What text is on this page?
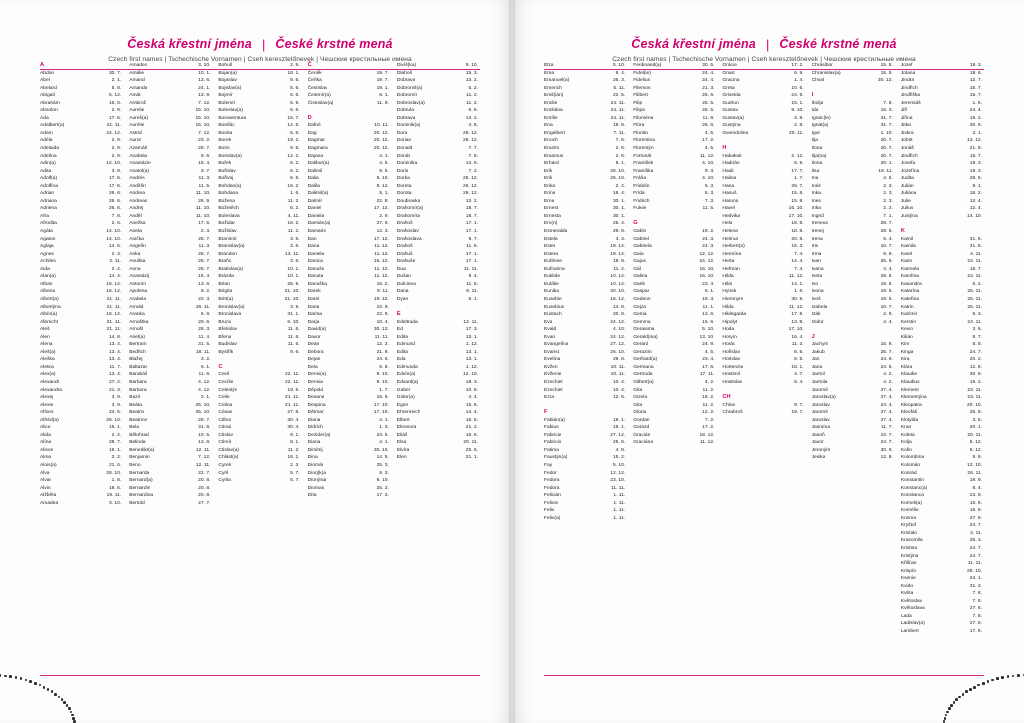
Česká křestní jména | České krstné mená
Czech first names | Tschechische Vornamen | Cseh keresztelőnevek | Чешские крестильные имена
A
Abdon	30. 7.
Ábel	2. 1.
Abelard	5. 8.
Abigail	5. 12.
Abrahám	16. 8.
Absolon	2. 9.
Áda	17. 6.
Adalbert(a)	21. 11.
Adam	24. 12.
Adéla	2. 9.
Adelaida	2. 9.
Adelína	2. 9.
Adin(a)	12. 10.
Adita	3. 9.
Adolf(a)	17. 6.
Adolfína	17. 6.
Adrian	26. 6.
Adriana	26. 6.
Adriena	26. 6.
Afra	7. 8.
Afrodita	2. 6.
Agáta	14. 10.
Agaton	14. 10.
Aglaja	14. 5.
Agnes	2. 3.
Achiles	2. 11.
Aida	2. 2.
Alan(a)	14. 4.
Alban	16. 12.
Albena	16. 12.
Albert(a)	21. 11.
Albertýna	21. 11.
Albín(a)	16. 12.
Albrecht	21. 11.
Aleš	21. 11.
Alen	14. 8.
Alena	13. 4.
Aleš(a)	13. 4.
Aleška	13. 4.
Aletea	11. 7.
Alex(a)	13. 4.
Alexandr	27. 2.
Alexandra	21. 3.
Alexej	3. 9.
Alexie	3. 9.
Alfons	23. 5.
Alfréd(a)	28. 10.
Alice	15. 1.
Alida	2. 2.
Alína	28. 7.
Alison	16. 1.
Alma	2. 2.
Alois(a)	21. 6.
Alva	28. 10.
Alvar	1. 8.
Alvin	19. 5.
Alžběta	19. 11.
Amadea	3. 10.
Amadeo	3. 10.
Amálie	10. 1.
Amand	13. 6.
Amanda	24. 1.
Amát	13. 9.
Ambrož	7. 12.
Aurelie	15. 10.
Aureš(a)	15. 10.
Aurélie	15. 10.
Astrid	7. 12.
Auror	23. 2.
Azarnáš	29. 7.
Anabela	9. 6.
Anastázie	15. 4.
Anatol(a)	3. 7.
Andrés	11. 3.
Andělín	11. 5.
Andrea	11. 10.
Andreas	26. 9.
Andrej	11. 10.
Anděl	11. 10.
Anežka	17. 5.
Aneta	2. 3.
Anička	26. 7.
Angelín	11. 3.
Anka	26. 7.
Anuška	26. 7.
Anna	26. 7.
Anastázij	15. 4.
Antonín	13. 6.
Apolena	9. 2.
Arabela	22. 3.
Arnold	26. 11.
Aranka	6. 8.
Arnoštka	20. 6.
Arnošt	28. 3.
Ariel(a)	11. 4.
Bertram	31. 5.
Bedřich	18. 11.
Blažej	3. 2.
Baltazar	6. 1.
Barabáš	11. 6.
Barbara	4. 12.
Barbora	4. 12.
Bazil	2. 1.
Beáta	25. 10.
Beatrix	25. 10.
Beatrice	29. 7.
Bela	31. 8.
Bělohrad	10. 5.
Belinda	13. 8.
Benedikt(a)	12. 11.
Benjamin	7. 12.
Beno	12. 11.
Bernarda	22. 7.
Bernard(a)	20. 8.
Bernardin	20. 8.
Bernardina	20. 8.
Bertold	27. 7.
Bohuš	2. 5.
Bojan(a)	18. 1.
Bojaslav	9. 6.
Bojislav(a)	5. 6.
Bojmír	6. 6.
Bolemír	6. 9.
Boleslav(a)	6. 6.
Bonaventura	15. 7.
Bonifác	14. 5.
Bonita	5. 6.
Borek	19. 2.
Boris	9. 6.
Borislav(a)	12. 2.
Bořek	5. 2.
Bořislav	5. 2.
Bořivoj	6. 6.
Bohdan(a)	16. 2.
Bohdana	1. 6.
Božena	11. 2.
Božetěch	6. 2.
Boleslava	4. 11.
Božidar	16. 2.
Božislav	11. 2.
Branimír	3. 6.
Branislav(a)	3. 6.
Brandon	13. 11.
Braňo	3. 6.
Bratislav(a)	10. 1.
Brázda	10. 1.
Brian	28. 9.
Brigita	21. 10.
Britt(a)	21. 10.
Bronislav(a)	3. 9.
Bronislava	31. 1.
Bruno	6. 10.
Břetislav	11. 6.
Břena	11. 6.
Budislav	11. 6.
Bystřík	9. 6.
C
Cecil	22. 11.
Cecílie	22. 11.
Celestýn	19. 5.
Celie	21. 11.
Celina	21. 11.
Césax	27. 8.
Ctibor	30. 4.
Ctirad	30. 4.
Ctislav	9. 1.
Ctimír	8. 1.
Ctislav(a)	11. 2.
Chlást(a)	16. 1.
Cyrek	2. 3.
Cyril	5. 7.
Cyrila	5. 7.
Č
Čeněk	19. 7.
Čeňka	19. 7.
Čestislav	19. 1.
Čestmír(a)	8. 1.
Čistoslav(a)	11. 9.
D
Dafné	10. 11.
Dag	20. 12.
Dagmar	20. 12.
Dagmara	20. 12.
Dajana	4. 1.
Dalibor(a)	4. 5.
Dalimil	9. 5.
Dalia	5. 10.
Dalila	8. 12.
Dalimil(a)	5. 1.
Dalmír	22. 8.
Daniel	17. 12.
Daniela	2. 9.
Damián(a)	27. 9.
Damaris	12. 3.
Dan	17. 12.
Dana	11. 12.
Daniela	11. 12.
Danica	16. 12.
Danuše	11. 12.
Danuta	11. 12.
Danuška	16. 2.
Darek	9. 11.
Darel	19. 12.
Daria	22. 9.
Darina	22. 9.
Darja	10. 4.
David(a)	30. 12.
Davor	11. 11.
Dean	12. 3.
Debora	21. 9.
Dejan	24. 6.
Dela	6. 8.
Denis(a)	9. 10.
Denisa	9. 10.
Děpold	1. 7.
Desana	15. 6.
Despina	17. 10.
Dětmar	17. 10.
Diana	4. 1.
Didrich	1. 3.
Dezider(a)	23. 5.
Diana	4. 1.
Dimitrij	30. 10.
Dina	14. 5.
Diomár	25. 3.
Diorj(k)a	9. 3.
Dionýsia	9. 10.
Diomas	25. 3.
Díta	17. 3.
Divíš(ka)	9. 10.
Dlahoš	15. 3.
Dobrava	13. 2.
Dobromil(a)	5. 2.
Dobromír	11. 2.
Dobroslav(a)	11. 2.
Dobrula	6. 6.
Dobrava	13. 2.
Dominik(a)	4. 8.
Dora	26. 12.
Dorian	26. 12.
Donald	7. 7.
Donát	7. 8.
Dominika	13. 5.
Doris	7. 2.
Dorka	26. 12.
Doreta	26. 12.
Dorota	26. 12.
Doubravka	13. 2.
Drahomír(a)	18. 7.
Drahomíra	18. 7.
Drahoš	17. 1.
Drahoslav	17. 1.
Drahoslava	9. 7.
Drahoš	11. 6.
Drahuš	17. 1.
Drahuše	17. 1.
Dua	11. 11.
Dušan	9. 4.
Dulcinea	11. 6.
Dana	9. 11.
Dyan	5. 1.
E
Edeltruda	12. 11.
Ed	17. 3.
Edita	13. 1.
Edmund	1. 12.
Edita	13. 1.
Eda	13. 1.
Edmunda	1. 12.
Edvín(a)	12. 10.
Edvard(a)	18. 3.
Izabel	10. 8.
Izidor(a)	4. 4.
Egon	15. 6.
Ehrenreich	14. 4.
Elbert	16. 6.
Eleonora	21. 2.
Eliáš	16. 6.
Elsa	20. 11.
Elvíra	25. 6.
Elen	21. 1.
Česká křestní jména | České krstné mená
Czech first names | Tschechische Vornamen | Cseh keresztelőnevek | Чешские крестильные имена
Elza	5. 10.
Ema	8. 4.
Emanuel(a)	26. 3.
Emerich	5. 11.
Emil(ián)	22. 5.
Emilie	24. 11.
Emiliána	24. 11.
Emílie	24. 11.
Ena	18. 8.
Engelbert	7. 11.
Enoch	7. 6.
Erazim	2. 6.
Erasmus	2. 6.
Erhard	8. 1.
Erik	26. 10.
Erik	26. 10.
Erika	2. 4.
Erina	16. 4.
Erna	30. 1.
Ernest	30. 1.
Ernesta	30. 1.
Erv(n)	25. 4.
Esmeralda	29. 8.
Estela	4. 3.
Ester	19. 12.
Estera	19. 12.
Eufémie	18. 9.
Eufrazina	11. 2.
Euklide	10. 12.
Eulálie	10. 12.
Eunika	20. 10.
Eusebie	16. 12.
Eusebius	14. 8.
Eustach	20. 9.
Eva	24. 12.
Evald	4. 10.
Evan	24. 12.
Evangelína	27. 12.
Evarist	26. 10.
Evelína	29. 8.
Evžen	10. 11.
Evženie	10. 11.
Ezechiel	10. 4.
Ezechiel	10. 4.
Ezra	12. 6.
F
Fabián(a)	19. 1.
Fabius	19. 1.
Fabricie	27. 12.
Fabricio	25. 6.
Fatima	4. 8.
Faustýn(a)	15. 2.
Fay	5. 10.
Fedor	12. 12.
Fedora	23. 10.
Fedora	11. 11.
Felicián	1. 11.
Felicie	1. 11.
Felix	1. 11.
Felix(a)	1. 11.
Ferdinand(a)	30. 5.
Fidel(ie)	24. 4.
Fidelius	24. 4.
Filemon	21. 3.
Filibert	26. 5.
Filip	26. 5.
Filipa	26. 5.
Filoména	11. 8.
Flóra	26. 6.
Florián	4. 5.
Florentina	17. 2.
Florentýn	4. 5.
Fortunát	11. 12.
František	4. 10.
Františka	9. 3.
Fráňa	4. 10.
Fridolín	6. 3.
Frída	6. 3.
Fridrich	7. 3.
Fulvie	11. 5.
G
Gabin	19. 2.
Gabriel	24. 3.
Gabriela	24. 3.
Gaia	12. 12.
Gajus	24. 12.
Gál	16. 10.
Galina	16. 10.
Garik	23. 4.
Gaspar	6. 1.
Gedeon	18. 3.
Gejza	11. 1.
Gema	13. 6.
Gemma	15. 6.
Gerasima	5. 10.
Gerald(ina)	13. 10.
Gerard	24. 9.
Gerazim	4. 5.
Gerhard(a)	23. 4.
Germana	17. 6.
Gertruda	17. 11.
Gilbert(a)	4. 2.
Gita	11. 2.
Gizela	18. 2.
Gita	11. 2.
Gloria	12. 2.
Gordan	7. 2.
Gorazd	17. 2.
Gracián	18. 12.
Graciána	11. 12.
Grácie	17. 2.
Grant	6. 9.
Gracina	1. 4.
Greta	10. 6.
Griselda	24. 9.
Gudrun	15. 1.
Gustav	9. 10.
Gustav(a)	3. 8.
Gustýna	2. 8.
Gwendolina	20. 11.
H
Habakuk	2. 12.
Hadrián	8. 9.
Haidi	17. 7.
Halina	1. 7.
Hana	26. 7.
Hanuš	15. 8.
Haruna	15. 8.
Havel	16. 10.
Hedvika	17. 10.
Hela	18. 8.
Helena	18. 8.
Helmut	20. 8.
Herbert(a)	16. 3.
Hermína	7. 4.
Herta	14. 4.
Heřman	7. 4.
Hilda	11. 12.
Hilár	14. 1.
Hynek	1. 6.
Hieronym	30. 9.
Hilda	11. 12.
Hildegarda	17. 9.
Hipolyt	13. 8.
Hoda	17. 10.
Horym	16. 4.
Horác	11. 2.
Hořislav	6. 5.
Horislav	8. 5.
Hortenzie	18. 1.
Hostimil	4. 7.
Hostislav	8. 4.
CH
Chloe	9. 7.
Chrabroš	19. 7.
Chrasibor	15. 5.
Chranislav(a)	15. 5.
Chval	30. 12.
I
Ibolja	7. 8.
Ida	15. 3.
Ignác(le)	31. 7.
Ignát(a)	31. 7.
Igor	1. 10.
Ilja	20. 7.
Ilona	20. 7.
Ilja(na)	20. 7.
Ilona	20. 1.
Ilsa	19. 11.
Ina	4. 5.
Inéz	2. 3.
Inka	2. 3.
Ines	2. 3.
Inka	2. 3.
Ingrid	7. 1.
Ireneus	28. 7.
Irenej	28. 6.
Irena	5. 4.
Iris	10. 7.
Irma	9. 9.
Ivan	25. 6.
Ivana	4. 4.
Iveta	29. 5.
Ivo	19. 5.
Ivona	19. 5.
Ivoš	19. 5.
Izabela	10. 7.
Izák	2. 9.
Izidor	4. 4.
J
Jachym	16. 8.
Jakub	25. 7.
Jan	24. 6.
Jana	24. 5.
Jarmil	4. 2.
Jarmila	4. 2.
Jaromír	27. 4.
Jaroslav(a)	27. 4.
Jaroslav	24. 4.
Jaromír	27. 4.
Jaroslav	27. 4.
Jasmína	11. 7.
Jasoň	22. 7.
Javor	24. 7.
Jeroným	30. 9.
Jesika	12. 8.
Jozef	19. 3.
Jolana	18. 6.
Jindra	12. 7.
Jindřich	15. 7.
Jindřiška	15. 7.
Jeremiáš	1. 5.
Jiří	24. 4.
Jiřina	15. 2.
Jitka	30. 9.
Jiskra	2. 1.
Jobst	13. 12.
Jonáš	21. 9.
Jindřich	15. 7.
Josefa	19. 3.
Jozefína	19. 3.
Judita	28. 6.
Julián	9. 1.
Juliána	16. 2.
Julie	12. 4.
Julius	12. 4.
Justýna	14. 10.
K
Kamil	31. 5.
Kamila	31. 5.
Karel	4. 11.
Karin	24. 11.
Karmela	16. 7.
Karolína	24. 11.
Kasandra	6. 2.
Katarína	25. 11.
Kateřina	25. 11.
Katrin	25. 11.
Kazimír	5. 3.
Kerstin	24. 11.
Kevin	3. 6.
Kilián	8. 7.
Kim	8. 8.
Kinga	24. 7.
Kira	20. 2.
Klára	12. 8.
Klaudie	30. 9.
Klaudius	15. 2.
Klement	23. 11.
Klementýna	23. 11.
Kleopatra	20. 10.
Kleofáš	25. 9.
Klotylda	3. 6.
Knut	20. 1.
Koleta	20. 11.
Kolja	6. 12.
Kolín	6. 12.
Kolombína	9. 9.
Kolomán	13. 10.
Konrád	26. 11.
Konstantin	19. 9.
Konstanc(a)	8. 4.
Konstanca	23. 9.
Korneli(a)	16. 9.
Kornélie	16. 9.
Kosma	27. 9.
Kryštof	24. 7.
Kristián	4. 11.
Krasomila	25. 3.
Kristina	24. 7.
Kristýna	24. 7.
Křišťan	11. 11.
Krispín	25. 10.
Ksenie	24. 1.
Kvido	31. 3.
Květa	7. 8.
Květoslav	7. 8.
Květoslava	27. 6.
Lada	7. 8.
Ladislav(a)	27. 6.
Lambert	17. 9.
